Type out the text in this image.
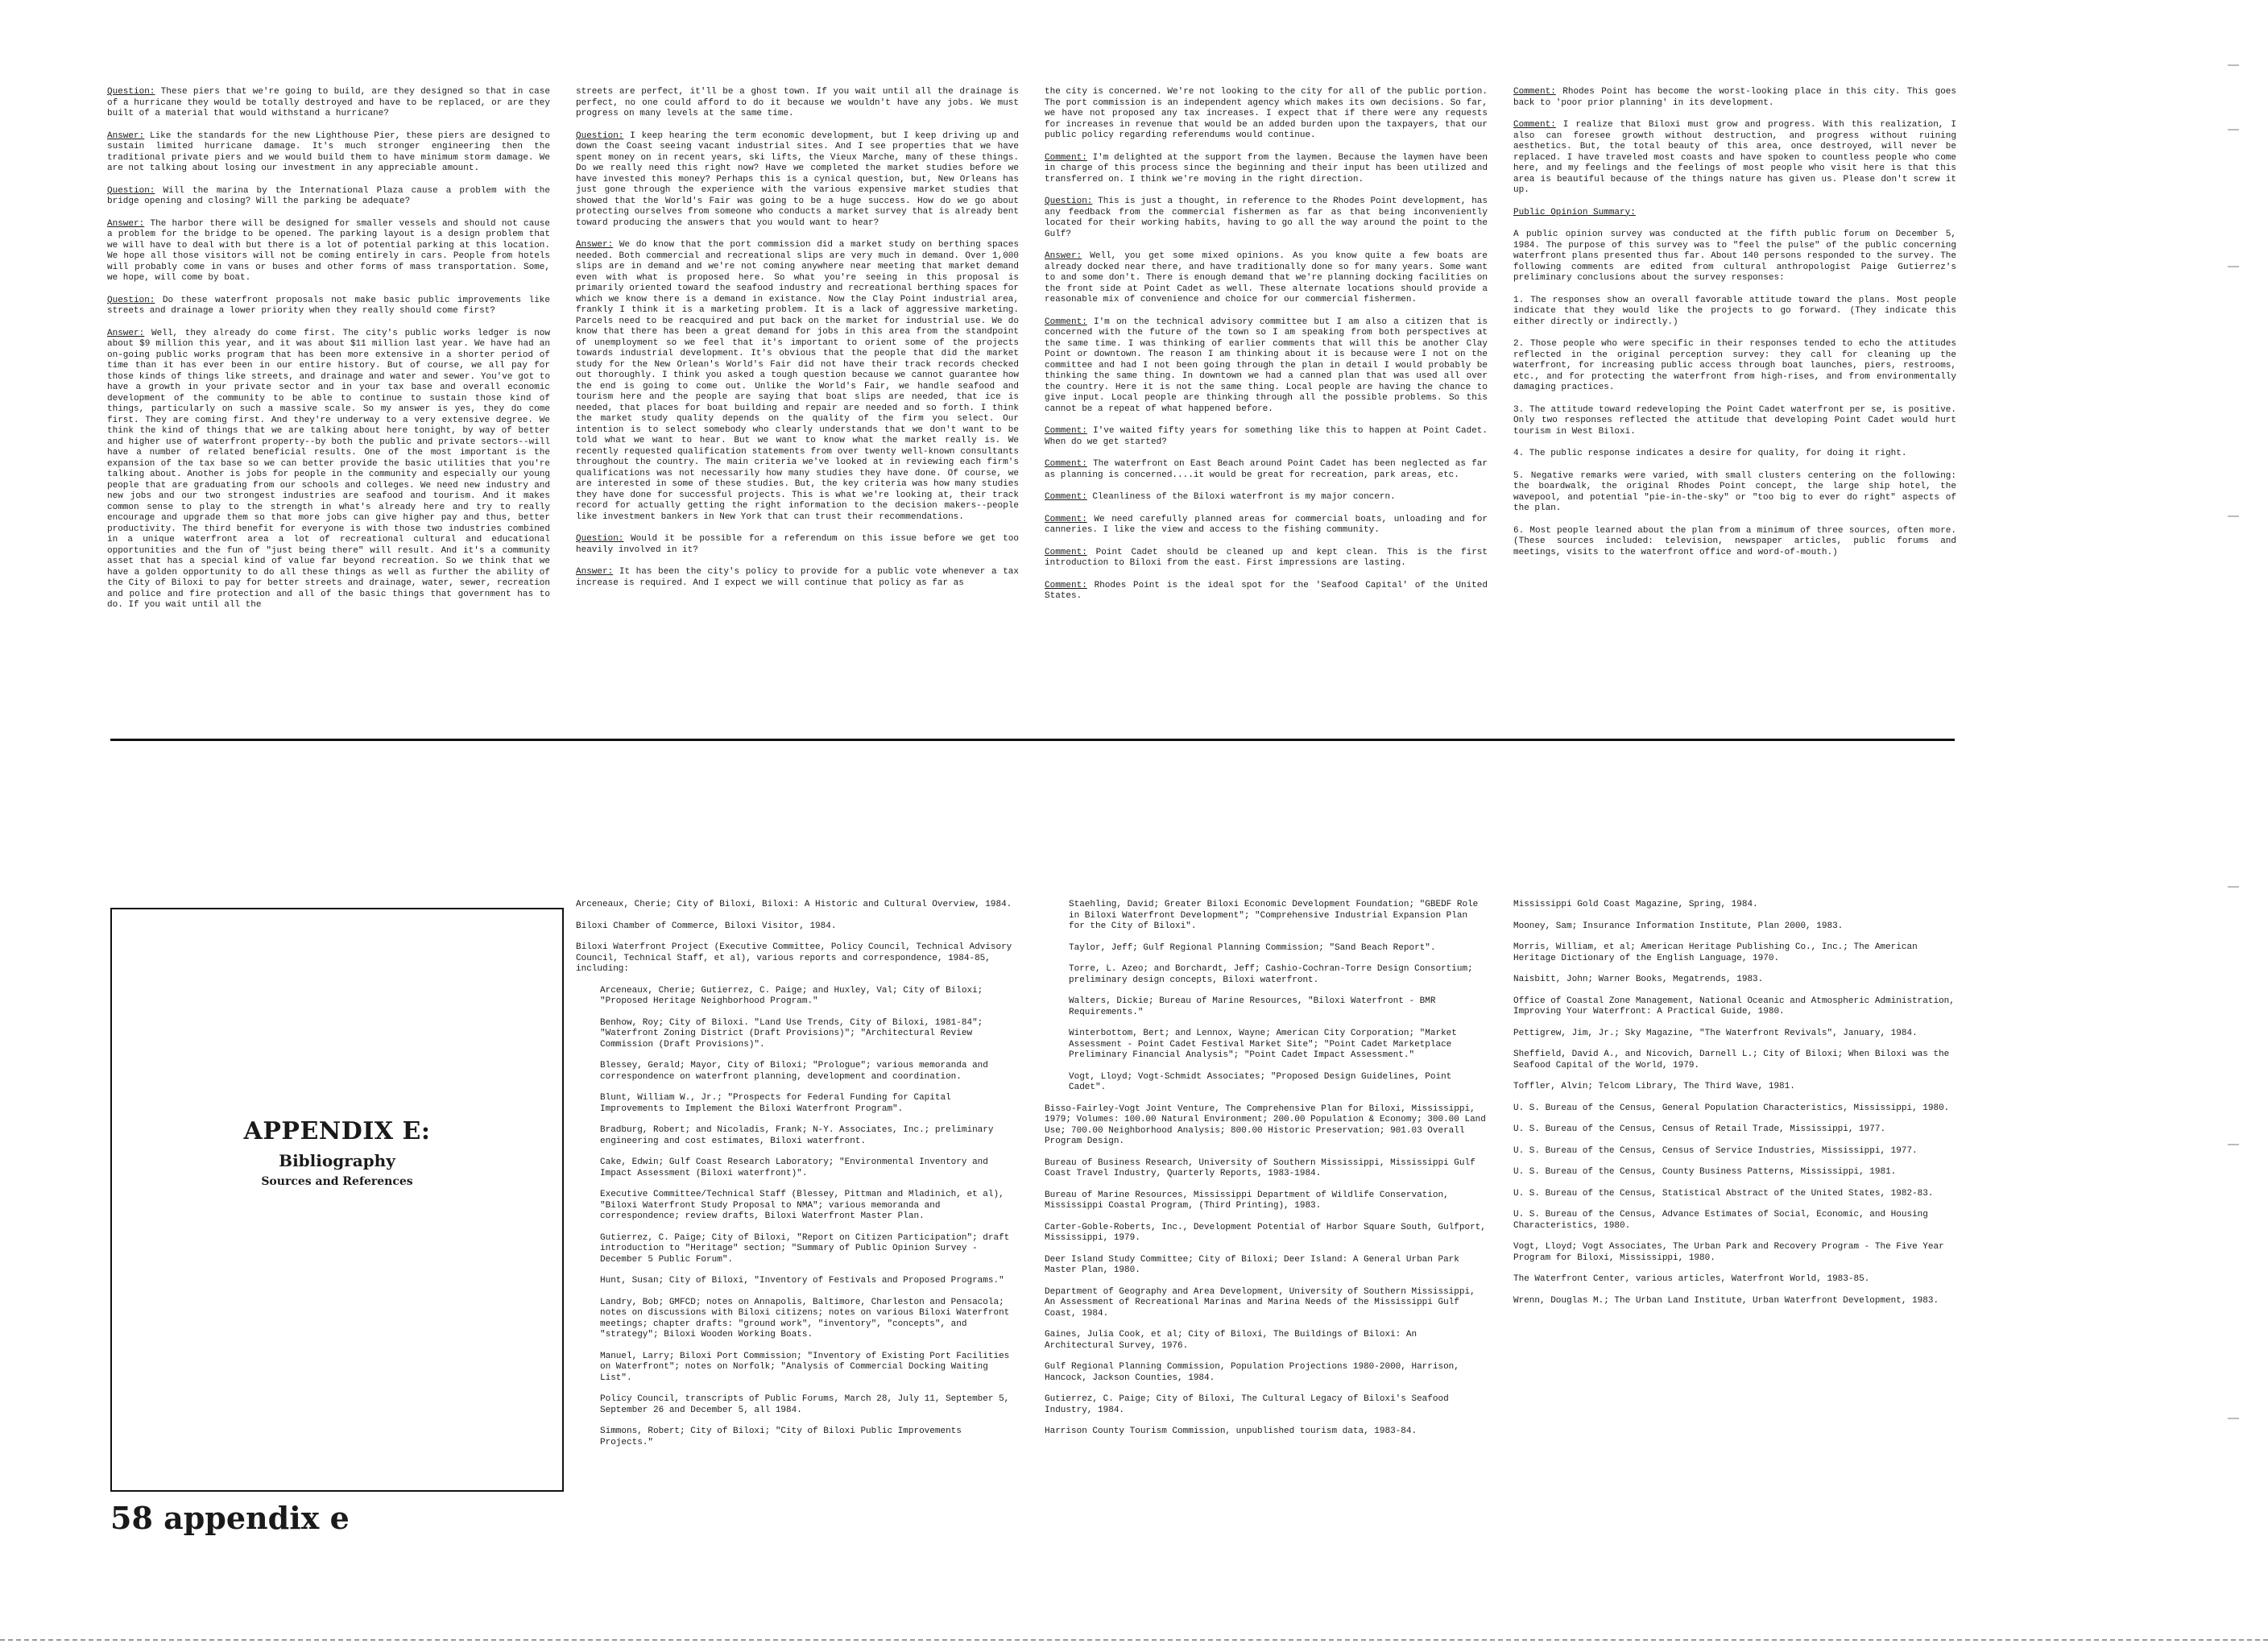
Question: These piers that we're going to build, are they designed so that in case of a hurricane they would be totally destroyed and have to be replaced, or are they built of a material that would withstand a hurricane?

Answer: Like the standards for the new Lighthouse Pier, these piers are designed to sustain limited hurricane damage. It's much stronger engineering then the traditional private piers and we would build them to have minimum storm damage. We are not talking about losing our investment in any appreciable amount.

Question: Will the marina by the International Plaza cause a problem with the bridge opening and closing? Will the parking be adequate?

Answer: The harbor there will be designed for smaller vessels and should not cause a problem for the bridge to be opened. The parking layout is a design problem that we will have to deal with but there is a lot of potential parking at this location. We hope all those visitors will not be coming entirely in cars. People from hotels will probably come in vans or buses and other forms of mass transportation. Some, we hope, will come by boat.

Question: Do these waterfront proposals not make basic public improvements like streets and drainage a lower priority when they really should come first?

Answer: Well, they already do come first. The city's public works ledger is now about $9 million this year, and it was about $11 million last year. We have had an on-going public works program that has been more extensive in a shorter period of time than it has ever been in our entire history. But of course, we all pay for those kinds of things like streets, and drainage and water and sewer. You've got to have a growth in your private sector and in your tax base and overall economic development of the community to be able to continue to sustain those kind of things, particularly on such a massive scale. So my answer is yes, they do come first. They are coming first. And they're underway to a very extensive degree. We think the kind of things that we are talking about here tonight, by way of better and higher use of waterfront property--by both the public and private sectors--will have a number of related beneficial results. One of the most important is the expansion of the tax base so we can better provide the basic utilities that you're talking about. Another is jobs for people in the community and especially our young people that are graduating from our schools and colleges. We need new industry and new jobs and our two strongest industries are seafood and tourism. And it makes common sense to play to the strength in what's already here and try to really encourage and upgrade them so that more jobs can give higher pay and thus, better productivity. The third benefit for everyone is with those two industries combined in a unique waterfront area a lot of recreational cultural and educational opportunities and the fun of "just being there" will result. And it's a community asset that has a special kind of value far beyond recreation. So we think that we have a golden opportunity to do all these things as well as further the ability of the City of Biloxi to pay for better streets and drainage, water, sewer, recreation and police and fire protection and all of the basic things that government has to do. If you wait until all the

streets are perfect, it'll be a ghost town. If you wait until all the drainage is perfect, no one could afford to do it because we wouldn't have any jobs. We must progress on many levels at the same time.

Question: I keep hearing the term economic development, but I keep driving up and down the Coast seeing vacant industrial sites. And I see properties that we have spent money on in recent years, ski lifts, the Vieux Marche, many of these things. Do we really need this right now? Have we completed the market studies before we have invested this money? Perhaps this is a cynical question, but, New Orleans has just gone through the experience with the various expensive market studies that showed that the World's Fair was going to be a huge success. How do we go about protecting ourselves from someone who conducts a market survey that is already bent toward producing the answers that you would want to hear?

Answer: We do know that the port commission did a market study on berthing spaces needed. Both commercial and recreational slips are very much in demand. Over 1,000 slips are in demand and we're not coming anywhere near meeting that market demand even with what is proposed here. So what you're seeing in this proposal is primarily oriented toward the seafood industry and recreational berthing spaces for which we know there is a demand in existance. Now the Clay Point industrial area, frankly I think it is a marketing problem. It is a lack of aggressive marketing. Parcels need to be reacquired and put back on the market for industrial use. We do know that there has been a great demand for jobs in this area from the standpoint of unemployment so we feel that it's important to orient some of the projects towards industrial development. It's obvious that the people that did the market study for the New Orlean's World's Fair did not have their track records checked out thoroughly. I think you asked a tough question because we cannot guarantee how the end is going to come out. Unlike the World's Fair, we handle seafood and tourism here and the people are saying that boat slips are needed, that ice is needed, that places for boat building and repair are needed and so forth. I think the market study quality depends on the quality of the firm you select. Our intention is to select somebody who clearly understands that we don't want to be told what we want to hear. But we want to know what the market really is. We recently requested qualification statements from over twenty well-known consultants throughout the country. The main criteria we've looked at in reviewing each firm's qualifications was not necessarily how many studies they have done. Of course, we are interested in some of these studies. But, the key criteria was how many studies they have done for successful projects. This is what we're looking at, their track record for actually getting the right information to the decision makers--people like investment bankers in New York that can trust their recommendations.

Question: Would it be possible for a referendum on this issue before we get too heavily involved in it?

Answer: It has been the city's policy to provide for a public vote whenever a tax increase is required. And I expect we will continue that policy as far as

the city is concerned. We're not looking to the city for all of the public portion. The port commission is an independent agency which makes its own decisions. So far, we have not proposed any tax increases. I expect that if there were any requests for increases in revenue that would be an added burden upon the taxpayers, that our public policy regarding referendums would continue.

Comment: I'm delighted at the support from the laymen. Because the laymen have been in charge of this process since the beginning and their input has been utilized and transferred on. I think we're moving in the right direction.

Question: This is just a thought, in reference to the Rhodes Point development, has any feedback from the commercial fishermen as far as that being inconveniently located for their working habits, having to go all the way around the point to the Gulf?

Answer: Well, you get some mixed opinions. As you know quite a few boats are already docked near there, and have traditionally done so for many years. Some want to and some don't. There is enough demand that we're planning docking facilities on the front side at Point Cadet as well. These alternate locations should provide a reasonable mix of convenience and choice for our commercial fishermen.

Comment: I'm on the technical advisory committee but I am also a citizen that is concerned with the future of the town so I am speaking from both perspectives at the same time. I was thinking of earlier comments that will this be another Clay Point or downtown. The reason I am thinking about it is because were I not on the committee and had I not been going through the plan in detail I would probably be thinking the same thing. In downtown we had a canned plan that was used all over the country. Here it is not the same thing. Local people are having the chance to give input. Local people are thinking through all the possible problems. So this cannot be a repeat of what happened before.

Comment: I've waited fifty years for something like this to happen at Point Cadet. When do we get started?

Comment: The waterfront on East Beach around Point Cadet has been neglected as far as planning is concerned....it would be great for recreation, park areas, etc.

Comment: Cleanliness of the Biloxi waterfront is my major concern.

Comment: We need carefully planned areas for commercial boats, unloading and for canneries. I like the view and access to the fishing community.

Comment: Point Cadet should be cleaned up and kept clean. This is the first introduction to Biloxi from the east. First impressions are lasting.

Comment: Rhodes Point is the ideal spot for the 'Seafood Capital' of the United States.

Comment: Rhodes Point has become the worst-looking place in this city. This goes back to 'poor prior planning' in its development.

Comment: I realize that Biloxi must grow and progress. With this realization, I also can foresee growth without destruction, and progress without ruining aesthetics. But, the total beauty of this area, once destroyed, will never be replaced. I have traveled most coasts and have spoken to countless people who come here, and my feelings and the feelings of most people who visit here is that this area is beautiful because of the things nature has given us. Please don't screw it up.

Public Opinion Summary:

A public opinion survey was conducted at the fifth public forum on December 5, 1984. The purpose of this survey was to "feel the pulse" of the public concerning waterfront plans presented thus far. About 140 persons responded to the survey. The following comments are edited from cultural anthropologist Paige Gutierrez's preliminary conclusions about the survey responses:

1. The responses show an overall favorable attitude toward the plans. Most people indicate that they would like the projects to go forward. (They indicate this either directly or indirectly.)

2. Those people who were specific in their responses tended to echo the attitudes reflected in the original perception survey: they call for cleaning up the waterfront, for increasing public access through boat launches, piers, restrooms, etc., and for protecting the waterfront from high-rises, and from environmentally damaging practices.

3. The attitude toward redeveloping the Point Cadet waterfront per se, is positive. Only two responses reflected the attitude that developing Point Cadet would hurt tourism in West Biloxi.

4. The public response indicates a desire for quality, for doing it right.

5. Negative remarks were varied, with small clusters centering on the following: the boardwalk, the original Rhodes Point concept, the large ship hotel, the wavepool, and potential "pie-in-the-sky" or "too big to ever do right" aspects of the plan.

6. Most people learned about the plan from a minimum of three sources, often more. (These sources included: television, newspaper articles, public forums and meetings, visits to the waterfront office and word-of-mouth.)

APPENDIX E:
Bibliography
Sources and References
58 appendix e

Arceneaux, Cherie; City of Biloxi, Biloxi: A Historic and Cultural Overview, 1984.

Biloxi Chamber of Commerce, Biloxi Visitor, 1984.

Biloxi Waterfront Project (Executive Committee, Policy Council, Technical Advisory Council, Technical Staff, et al), various reports and correspondence, 1984-85, including:

Arceneaux, Cherie; Gutierrez, C. Paige; and Huxley, Val; City of Biloxi; "Proposed Heritage Neighborhood Program."

Benhow, Roy; City of Biloxi. "Land Use Trends, City of Biloxi, 1981-84"; "Waterfront Zoning District (Draft Provisions)"; "Architectural Review Commission (Draft Provisions)".

Blessey, Gerald; Mayor, City of Biloxi; "Prologue"; various memoranda and correspondence on waterfront planning, development and coordination.

Blunt, William W., Jr.; "Prospects for Federal Funding for Capital Improvements to Implement the Biloxi Waterfront Program".

Bradburg, Robert; and Nicoladis, Frank; N-Y. Associates, Inc.; preliminary engineering and cost estimates, Biloxi waterfront.

Cake, Edwin; Gulf Coast Research Laboratory; "Environmental Inventory and Impact Assessment (Biloxi waterfront)".

Executive Committee/Technical Staff (Blessey, Pittman and Mladinich, et al), "Biloxi Waterfront Study Proposal to NMA"; various memoranda and correspondence; review drafts, Biloxi Waterfront Master Plan.

Gutierrez, C. Paige; City of Biloxi, "Report on Citizen Participation"; draft introduction to "Heritage" section; "Summary of Public Opinion Survey - December 5 Public Forum".

Hunt, Susan; City of Biloxi, "Inventory of Festivals and Proposed Programs."

Landry, Bob; GMFCD; notes on Annapolis, Baltimore, Charleston and Pensacola; notes on discussions with Biloxi citizens; notes on various Biloxi Waterfront meetings; chapter drafts: "ground work", "inventory", "concepts", and "strategy"; Biloxi Wooden Working Boats.

Manuel, Larry; Biloxi Port Commission; "Inventory of Existing Port Facilities on Waterfront"; notes on Norfolk; "Analysis of Commercial Docking Waiting List".

Policy Council, transcripts of Public Forums, March 28, July 11, September 5, September 26 and December 5, all 1984.

Simmons, Robert; City of Biloxi; "City of Biloxi Public Improvements Projects."

Staehling, David; Greater Biloxi Economic Development Foundation; "GBEDF Role in Biloxi Waterfront Development"; "Comprehensive Industrial Expansion Plan for the City of Biloxi".

Taylor, Jeff; Gulf Regional Planning Commission; "Sand Beach Report".

Torre, L. Azeo; and Borchardt, Jeff; Cashio-Cochran-Torre Design Consortium; preliminary design concepts, Biloxi waterfront.

Walters, Dickie; Bureau of Marine Resources, "Biloxi Waterfront - BMR Requirements."

Winterbottom, Bert; and Lennox, Wayne; American City Corporation; "Market Assessment - Point Cadet Festival Market Site"; "Point Cadet Marketplace Preliminary Financial Analysis"; "Point Cadet Impact Assessment."

Vogt, Lloyd; Vogt-Schmidt Associates; "Proposed Design Guidelines, Point Cadet".

Bisso-Fairley-Vogt Joint Venture, The Comprehensive Plan for Biloxi, Mississippi, 1979; Volumes: 100.00 Natural Environment; 200.00 Population & Economy; 300.00 Land Use; 700.00 Neighborhood Analysis; 800.00 Historic Preservation; 901.03 Overall Program Design.

Bureau of Business Research, University of Southern Mississippi, Mississippi Gulf Coast Travel Industry, Quarterly Reports, 1983-1984.

Bureau of Marine Resources, Mississippi Department of Wildlife Conservation, Mississippi Coastal Program, (Third Printing), 1983.

Carter-Goble-Roberts, Inc., Development Potential of Harbor Square South, Gulfport, Mississippi, 1979.

Deer Island Study Committee; City of Biloxi; Deer Island: A General Urban Park Master Plan, 1980.

Department of Geography and Area Development, University of Southern Mississippi, An Assessment of Recreational Marinas and Marina Needs of the Mississippi Gulf Coast, 1984.

Gaines, Julia Cook, et al; City of Biloxi, The Buildings of Biloxi: An Architectural Survey, 1976.

Gulf Regional Planning Commission, Population Projections 1980-2000, Harrison, Hancock, Jackson Counties, 1984.

Gutierrez, C. Paige; City of Biloxi, The Cultural Legacy of Biloxi's Seafood Industry, 1984.

Harrison County Tourism Commission, unpublished tourism data, 1983-84.

Mississippi Gold Coast Magazine, Spring, 1984.

Mooney, Sam; Insurance Information Institute, Plan 2000, 1983.

Morris, William, et al; American Heritage Publishing Co., Inc.; The American Heritage Dictionary of the English Language, 1970.

Naisbitt, John; Warner Books, Megatrends, 1983.

Office of Coastal Zone Management, National Oceanic and Atmospheric Administration, Improving Your Waterfront: A Practical Guide, 1980.

Pettigrew, Jim, Jr.; Sky Magazine, "The Waterfront Revivals", January, 1984.

Sheffield, David A., and Nicovich, Darnell L.; City of Biloxi; When Biloxi was the Seafood Capital of the World, 1979.

Toffler, Alvin; Telcom Library, The Third Wave, 1981.

U. S. Bureau of the Census, General Population Characteristics, Mississippi, 1980.

U. S. Bureau of the Census, Census of Retail Trade, Mississippi, 1977.

U. S. Bureau of the Census, Census of Service Industries, Mississippi, 1977.

U. S. Bureau of the Census, County Business Patterns, Mississippi, 1981.

U. S. Bureau of the Census, Statistical Abstract of the United States, 1982-83.

U. S. Bureau of the Census, Advance Estimates of Social, Economic, and Housing Characteristics, 1980.

Vogt, Lloyd; Vogt Associates, The Urban Park and Recovery Program - The Five Year Program for Biloxi, Mississippi, 1980.

The Waterfront Center, various articles, Waterfront World, 1983-85.

Wrenn, Douglas M.; The Urban Land Institute, Urban Waterfront Development, 1983.
